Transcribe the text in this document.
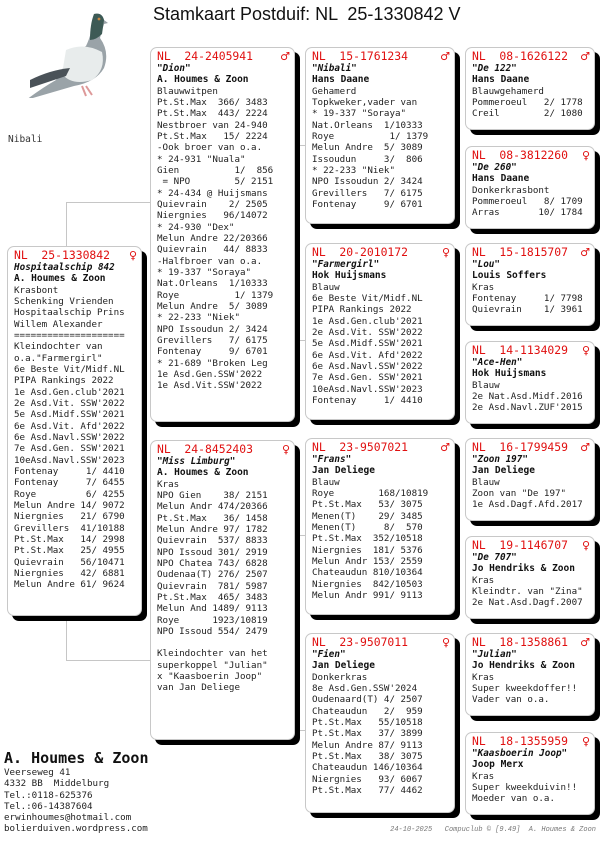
Stamkaart Postduif: NL  25-1330842 V
Nibali
NL  25-1330842 ♀
Hospitaalschip 842
A. Houmes & Zoon
Krasbont
Schenking Vrienden
Hospitaalschip Prins
Willem Alexander
====================
Kleindochter van
o.a."Farmergirl"
6e Beste Vit/Midf.NL
PIPA Rankings 2022
1e Asd.Gen.club'2021
2e Asd.Vit. SSW'2022
5e Asd.Midf.SSW'2021
6e Asd.Vit. Afd'2022
6e Asd.Navl.SSW'2022
7e Asd.Gen. SSW'2021
10eAsd.Navl.SSW'2023
Fontenay     1/ 4410
Fontenay     7/ 6455
Roye         6/ 4255
Melun Andre 14/ 9072
Niergnies   21/ 6790
Grevillers  41/10188
Pt.St.Max   14/ 2998
Pt.St.Max   25/ 4955
Quievrain   56/10471
Niergnies   42/ 6881
Melun Andre 61/ 9624
NL  24-2405941 ♂
"Dion"
A. Houmes & Zoon
Blauwwitpen
Pt.St.Max  366/ 3483
Pt.St.Max  443/ 2224
Nestbroer van 24-940
Pt.St.Max   15/ 2224
-Ook broer van o.a.
* 24-931 "Nuala"
Gien          1/  856
= NPO        5/ 2151
* 24-434 @ Huijsmans
Quievrain    2/ 2505
Niergnies   96/14072
* 24-930 "Dex"
Melun Andre 22/20366
Quievrain   44/ 8833
-Halfbroer van o.a.
* 19-337 "Soraya"
Nat.Orleans  1/10333
Roye          1/ 1379
Melun Andre  5/ 3089
* 22-233 "Niek"
NPO Issoudun 2/ 3424
Grevillers   7/ 6175
Fontenay     9/ 6701
* 21-689 "Broken Leg
1e Asd.Gen.SSW'2022
1e Asd.Vit.SSW'2022
NL  24-8452403	♀
"Miss Limburg"
A. Houmes & Zoon
Kras
NPO Gien    38/ 2151
Melun Andr 474/20366
Pt.St.Max   36/ 1458
Melun Andre 97/ 1782
Quievrain  537/ 8833
NPO Issoud 301/ 2919
NPO Chatea 743/ 6828
Oudenaa(T) 276/ 2507
Quievrain  781/ 5987
Pt.St.Max  465/ 3483
Melun And 1489/ 9113
Roye      1923/10819
NPO Issoud 554/ 2479
Kleindochter van het
superkoppel "Julian"
x "Kaasboerin Joop"
van Jan Deliege
NL  15-1761234	♂
"Nibali"
Hans Daane
Gehamerd
Topkweker,vader van
* 19-337 "Soraya"
Nat.Orleans  1/10333
Roye          1/ 1379
Melun Andre  5/ 3089
Issoudun     3/  806
* 22-233 "Niek"
NPO Issoudun 2/ 3424
Grevillers   7/ 6175
Fontenay     9/ 6701
NL  20-2010172	♀
"Farmergirl"
Hok Huijsmans
Blauw
6e Beste Vit/Midf.NL
PIPA Rankings 2022
1e Asd.Gen.club'2021
2e Asd.Vit. SSW'2022
5e Asd.Midf.SSW'2021
6e Asd.Vit. Afd'2022
6e Asd.Navl.SSW'2022
7e Asd.Gen. SSW'2021
10eAsd.Navl.SSW'2023
Fontenay     1/ 4410
NL  23-9507021	♂
"Frans"
Jan Deliege
Blauw
Roye        168/10819
Pt.St.Max   53/ 3075
Menen(T)    29/ 3485
Menen(T)     8/  570
Pt.St.Max  352/10518
Niergnies  181/ 5376
Melun Andr 153/ 2559
Chateaudun 810/10364
Niergnies  842/10503
Melun Andr 991/ 9113
NL  23-9507011	♀
"Fien"
Jan Deliege
Donkerkras
8e Asd.Gen.SSW'2024
Oudenaard(T) 4/ 2507
Chateaudun   2/  959
Pt.St.Max   55/10518
Pt.St.Max   37/ 3899
Melun Andre 87/ 9113
Pt.St.Max   38/ 3075
Chateaudun 146/10364
Niergnies   93/ 6067
Pt.St.Max   77/ 4462
NL  08-1626122 ♂
"De 122"
Hans Daane
Blauwgehamerd
Pommeroeul   2/ 1778
Creil        2/ 1080
NL  08-3812260 ♀
"De 260"
Hans Daane
Donkerkrasbont
Pommeroeul   8/ 1709
Arras       10/ 1784
NL  15-1815707 ♂
"Lou"
Louis Soffers
Kras
Fontenay     1/ 7798
Quievrain    1/ 3961
NL  14-1134029 ♀
"Ace-Hen"
Hok Huijsmans
Blauw
2e Nat.Asd.Midf.2016
2e Asd.Navl.ZUF'2015
NL  16-1799459 ♂
"Zoon 197"
Jan Deliege
Blauw
Zoon van "De 197"
1e Asd.Dagf.Afd.2017
NL  19-1146707 ♀
"De 707"
Jo Hendriks & Zoon
Kras
Kleindtr. van "Zina"
2e Nat.Asd.Dagf.2007
NL  18-1358861 ♂
"Julian"
Jo Hendriks & Zoon
Kras
Super kweekdoffer!!
Vader van o.a.
NL  18-1355959 ♀
"Kaasboerin Joop"
Joop Merx
Kras
Super kweekduivin!!
Moeder van o.a.
A. Houmes & Zoon
Veerseweg 41
4332 BB  Middelburg
Tel.:0118-625376
Tel.:06-14387604
erwinhoumes@hotmail.com
bolierduiven.wordpress.com	24-10-2025   Compuclub © [9.49]  A. Houmes & Zoon
